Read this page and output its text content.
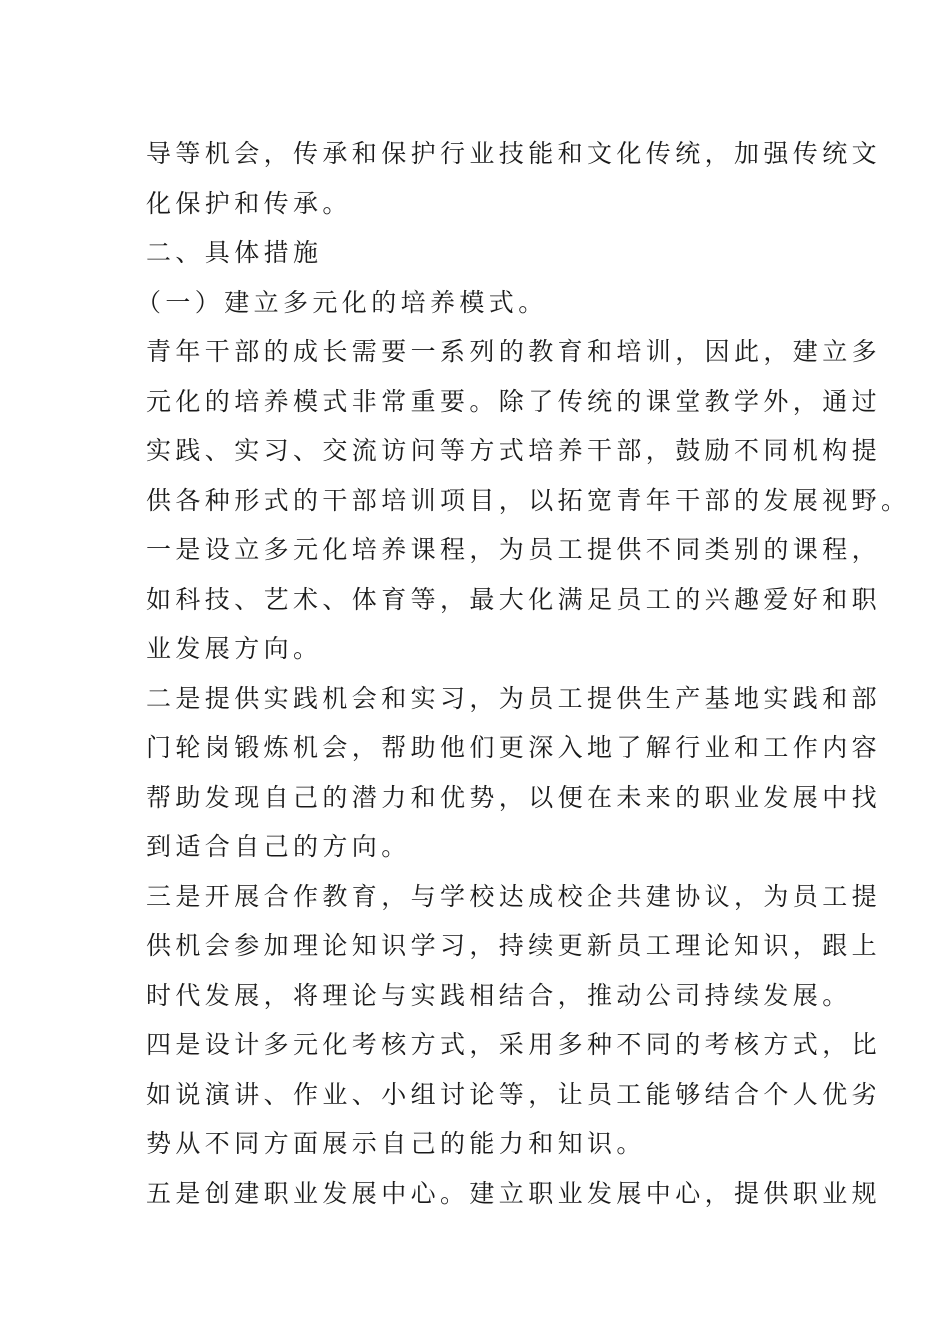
导等机会，传承和保护行业技能和文化传统，加强传统文
化保护和传承。
二、具体措施
（一）建立多元化的培养模式。
青年干部的成长需要一系列的教育和培训，因此，建立多
元化的培养模式非常重要。除了传统的课堂教学外，通过
实践、实习、交流访问等方式培养干部，鼓励不同机构提
供各种形式的干部培训项目，以拓宽青年干部的发展视野。
一是设立多元化培养课程，为员工提供不同类别的课程，
如科技、艺术、体育等，最大化满足员工的兴趣爱好和职
业发展方向。
二是提供实践机会和实习，为员工提供生产基地实践和部
门轮岗锻炼机会，帮助他们更深入地了解行业和工作内容
帮助发现自己的潜力和优势，以便在未来的职业发展中找
到适合自己的方向。
三是开展合作教育，与学校达成校企共建协议，为员工提
供机会参加理论知识学习，持续更新员工理论知识，跟上
时代发展，将理论与实践相结合，推动公司持续发展。
四是设计多元化考核方式，采用多种不同的考核方式，比
如说演讲、作业、小组讨论等，让员工能够结合个人优劣
势从不同方面展示自己的能力和知识。
五是创建职业发展中心。建立职业发展中心，提供职业规
